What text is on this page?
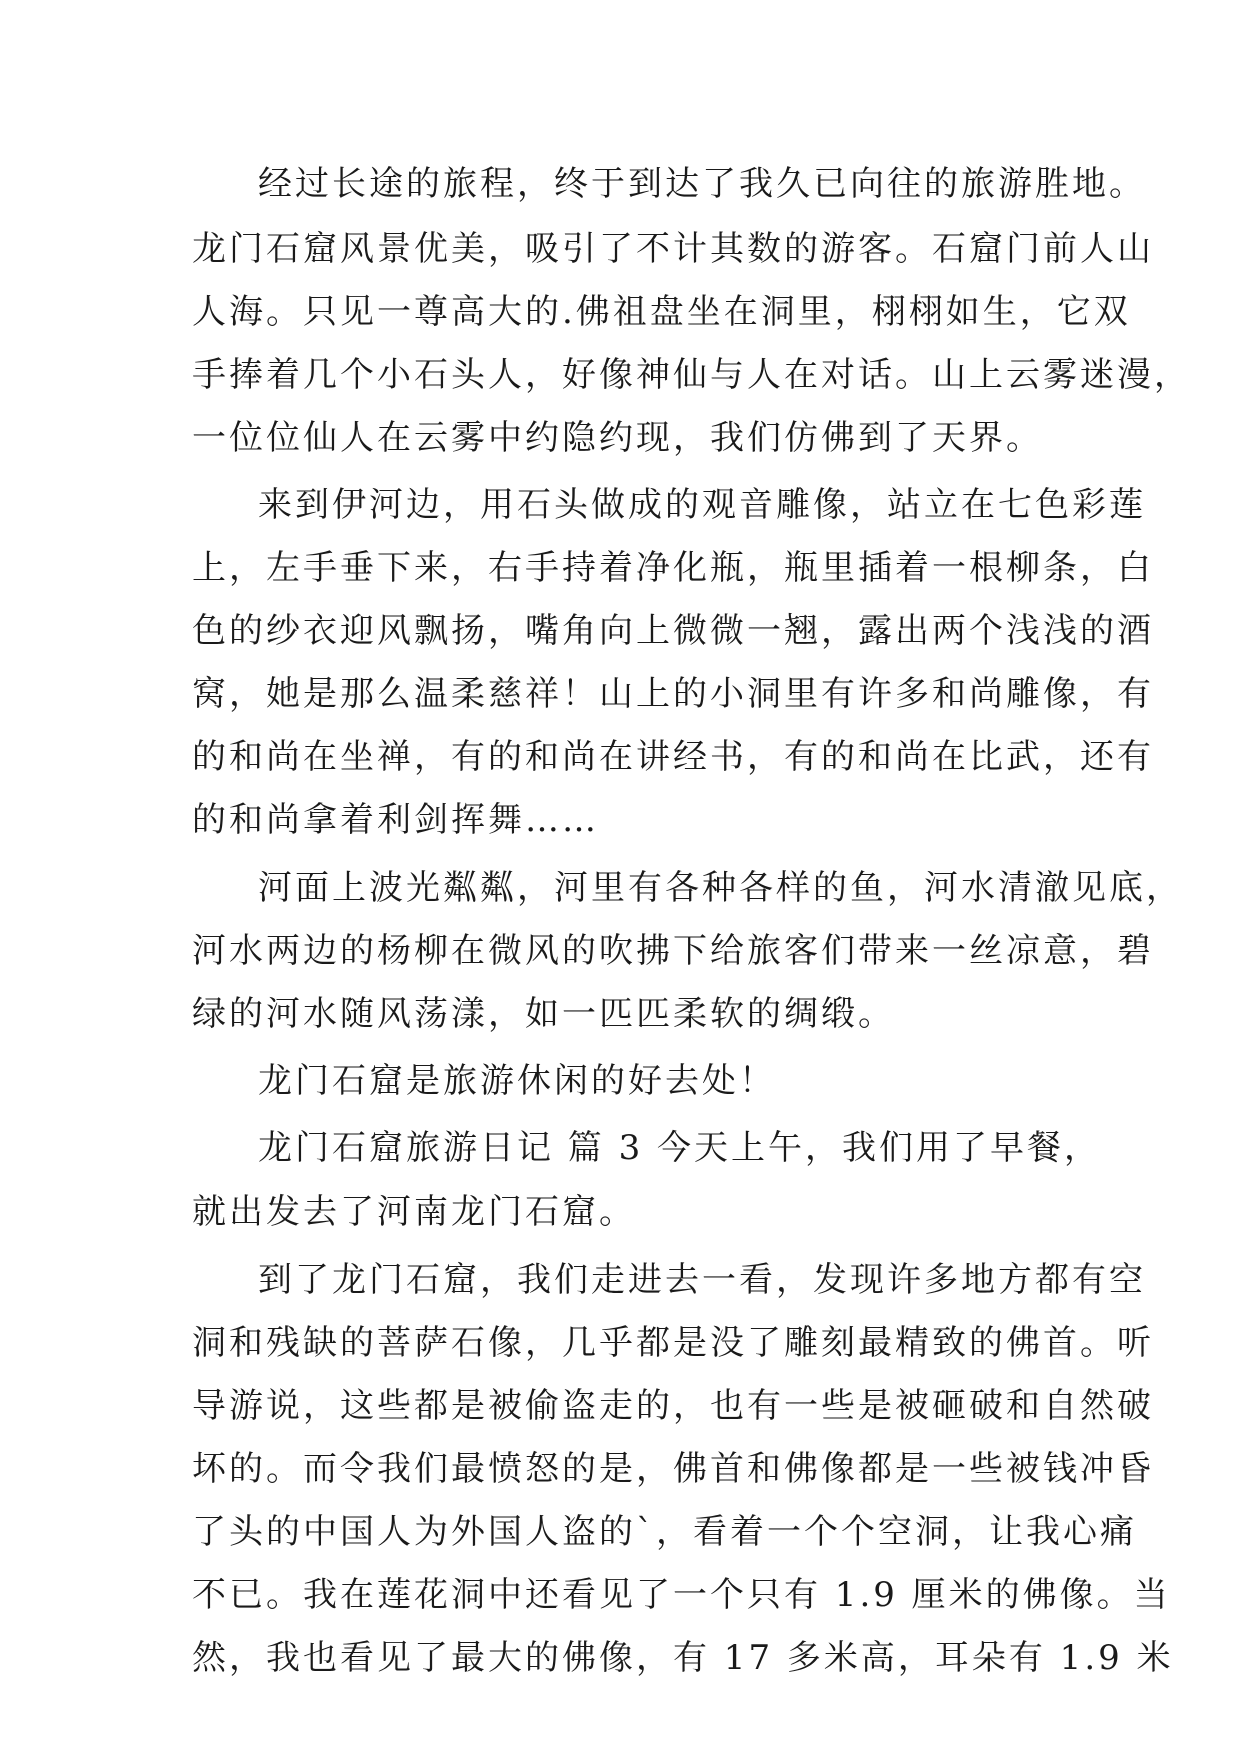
经过长途的旅程，终于到达了我久已向往的旅游胜地。
龙门石窟风景优美，吸引了不计其数的游客。石窟门前人山
人海。只见一尊高大的.佛祖盘坐在洞里，栩栩如生，它双
手捧着几个小石头人，好像神仙与人在对话。山上云雾迷漫，
一位位仙人在云雾中约隐约现，我们仿佛到了天界。
来到伊河边，用石头做成的观音雕像，站立在七色彩莲
上，左手垂下来，右手持着净化瓶，瓶里插着一根柳条，白
色的纱衣迎风飘扬，嘴角向上微微一翘，露出两个浅浅的酒
窝，她是那么温柔慈祥！山上的小洞里有许多和尚雕像，有
的和尚在坐禅，有的和尚在讲经书，有的和尚在比武，还有
的和尚拿着利剑挥舞……
河面上波光粼粼，河里有各种各样的鱼，河水清澈见底，
河水两边的杨柳在微风的吹拂下给旅客们带来一丝凉意，碧
绿的河水随风荡漾，如一匹匹柔软的绸缎。
龙门石窟是旅游休闲的好去处！
龙门石窟旅游日记 篇 3 今天上午，我们用了早餐，
就出发去了河南龙门石窟。
到了龙门石窟，我们走进去一看，发现许多地方都有空
洞和残缺的菩萨石像，几乎都是没了雕刻最精致的佛首。听
导游说，这些都是被偷盗走的，也有一些是被砸破和自然破
坏的。而令我们最愤怒的是，佛首和佛像都是一些被钱冲昏
了头的中国人为外国人盗的`，看着一个个空洞，让我心痛
不已。我在莲花洞中还看见了一个只有 1.9 厘米的佛像。当
然，我也看见了最大的佛像，有 17 多米高，耳朵有 1.9 米
